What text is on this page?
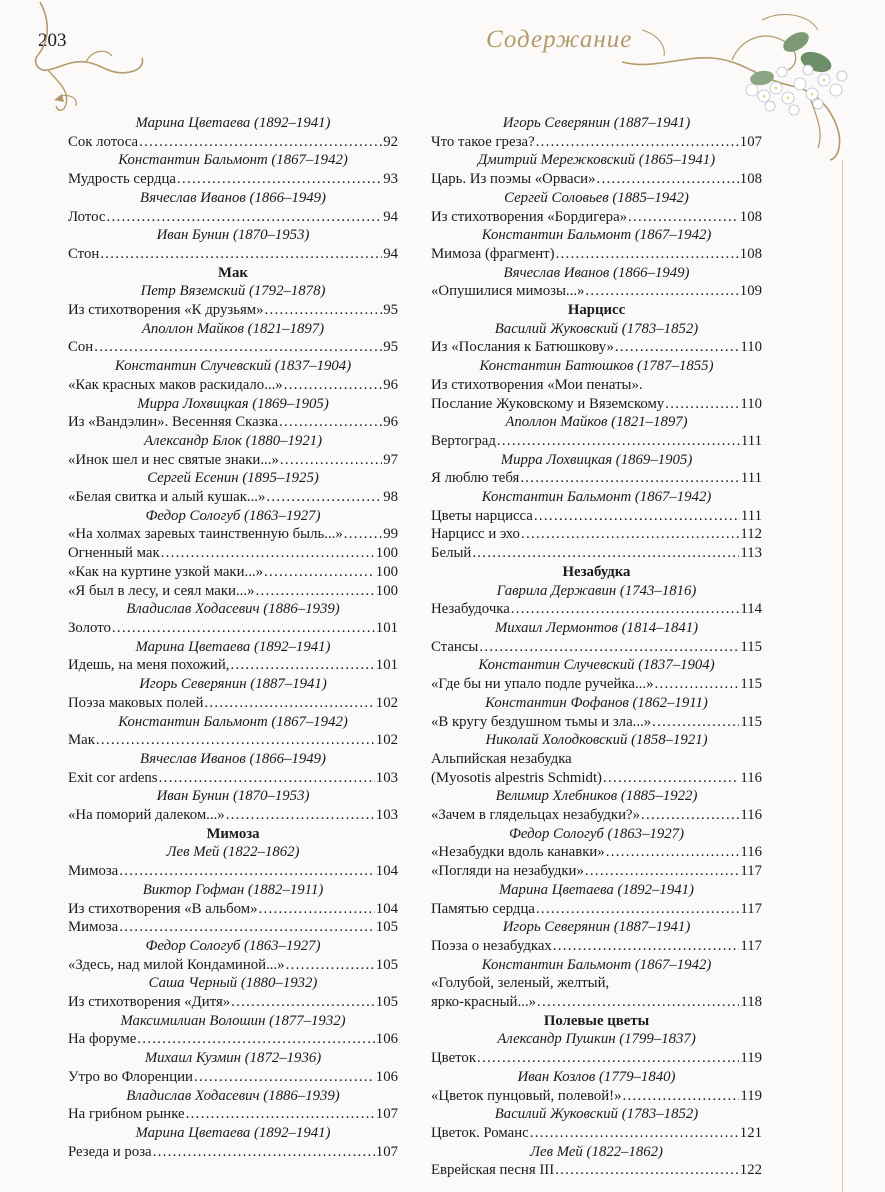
203	Содержание
Марина Цветаева (1892–1941)
Сок лотоса . . .	92
Константин Бальмонт (1867–1942)
Мудрость сердца . . .	93
Вячеслав Иванов (1866–1949)
Лотос . . .	94
Иван Бунин (1870–1953)
Стон . . .	94
Мак
Петр Вяземский (1792–1878)
Из стихотворения «К друзьям» . . .	95
Аполлон Майков (1821–1897)
Сон . . .	95
Константин Случевский (1837–1904)
«Как красных маков раскидало...» . . .	96
Мирра Лохвицкая (1869–1905)
Из «Вандэлин». Весенняя Сказка . . .	96
Александр Блок (1880–1921)
«Инок шел и нес святые знаки...» . . .	97
Сергей Есенин (1895–1925)
«Белая свитка и алый кушак...» . . .	98
Федор Сологуб (1863–1927)
«На холмах заревых таинственную быль...» . . .	99
Огненный мак . . .	100
«Как на куртине узкой маки...» . . .	100
«Я был в лесу, и сеял маки...» . . .	100
Владислав Ходасевич (1886–1939)
Золото . . .	101
Марина Цветаева (1892–1941)
Идешь, на меня похожий, . . .	101
Игорь Северянин (1887–1941)
Поэза маковых полей . . .	102
Константин Бальмонт (1867–1942)
Мак . . .	102
Вячеслав Иванов (1866–1949)
Exit cor ardens . . .	103
Иван Бунин (1870–1953)
«На поморий далеком...» . . .	103
Мимоза
Лев Мей (1822–1862)
Мимоза . . .	104
Виктор Гофман (1882–1911)
Из стихотворения «В альбом» . . .	104
Мимоза . . .	105
Федор Сологуб (1863–1927)
«Здесь, над милой Кондаминой...» . . .	105
Саша Черный (1880–1932)
Из стихотворения «Дитя» . . .	105
Максимилиан Волошин (1877–1932)
На форуме . . .	106
Михаил Кузмин (1872–1936)
Утро во Флоренции . . .	106
Владислав Ходасевич (1886–1939)
На грибном рынке . . .	107
Марина Цветаева (1892–1941)
Резеда и роза . . .	107
Игорь Северянин (1887–1941)
Что такое греза? . . .	107
Дмитрий Мережковский (1865–1941)
Царь. Из поэмы «Орваси» . . .	108
Сергей Соловьев (1885–1942)
Из стихотворения «Бордигера» . . .	108
Константин Бальмонт (1867–1942)
Мимоза (фрагмент) . . .	108
Вячеслав Иванов (1866–1949)
«Опушилися мимозы...» . . .	109
Нарцисс
Василий Жуковский (1783–1852)
Из «Послания к Батюшкову» . . .	110
Константин Батюшков (1787–1855)
Из стихотворения «Мои пенаты».
Послание Жуковскому и Вяземскому . . .	110
Аполлон Майков (1821–1897)
Вертоград . . .	111
Мирра Лохвицкая (1869–1905)
Я люблю тебя . . .	111
Константин Бальмонт (1867–1942)
Цветы нарцисса . . .	111
Нарцисс и эхо . . .	112
Белый . . .	113
Незабудка
Гаврила Державин (1743–1816)
Незабудочка . . .	114
Михаил Лермонтов (1814–1841)
Стансы . . .	115
Константин Случевский (1837–1904)
«Где бы ни упало подле ручейка...» . . .	115
Константин Фофанов (1862–1911)
«В кругу бездушном тьмы и зла...» . . .	115
Николай Холодковский (1858–1921)
Альпийская незабудка
(Myosotis alpestris Schmidt) . . .	116
Велимир Хлебников (1885–1922)
«Зачем в глядельцах незабудки?» . . .	116
Федор Сологуб (1863–1927)
«Незабудки вдоль канавки» . . .	116
«Погляди на незабудки» . . .	117
Марина Цветаева (1892–1941)
Памятью сердца . . .	117
Игорь Северянин (1887–1941)
Поэза о незабудках . . .	117
Константин Бальмонт (1867–1942)
«Голубой, зеленый, желтый,
ярко-красный...» . . .	118
Полевые цветы
Александр Пушкин (1799–1837)
Цветок . . .	119
Иван Козлов (1779–1840)
«Цветок пунцовый, полевой!» . . .	119
Василий Жуковский (1783–1852)
Цветок. Романс . . .	121
Лев Мей (1822–1862)
Еврейская песня III . . .	122
